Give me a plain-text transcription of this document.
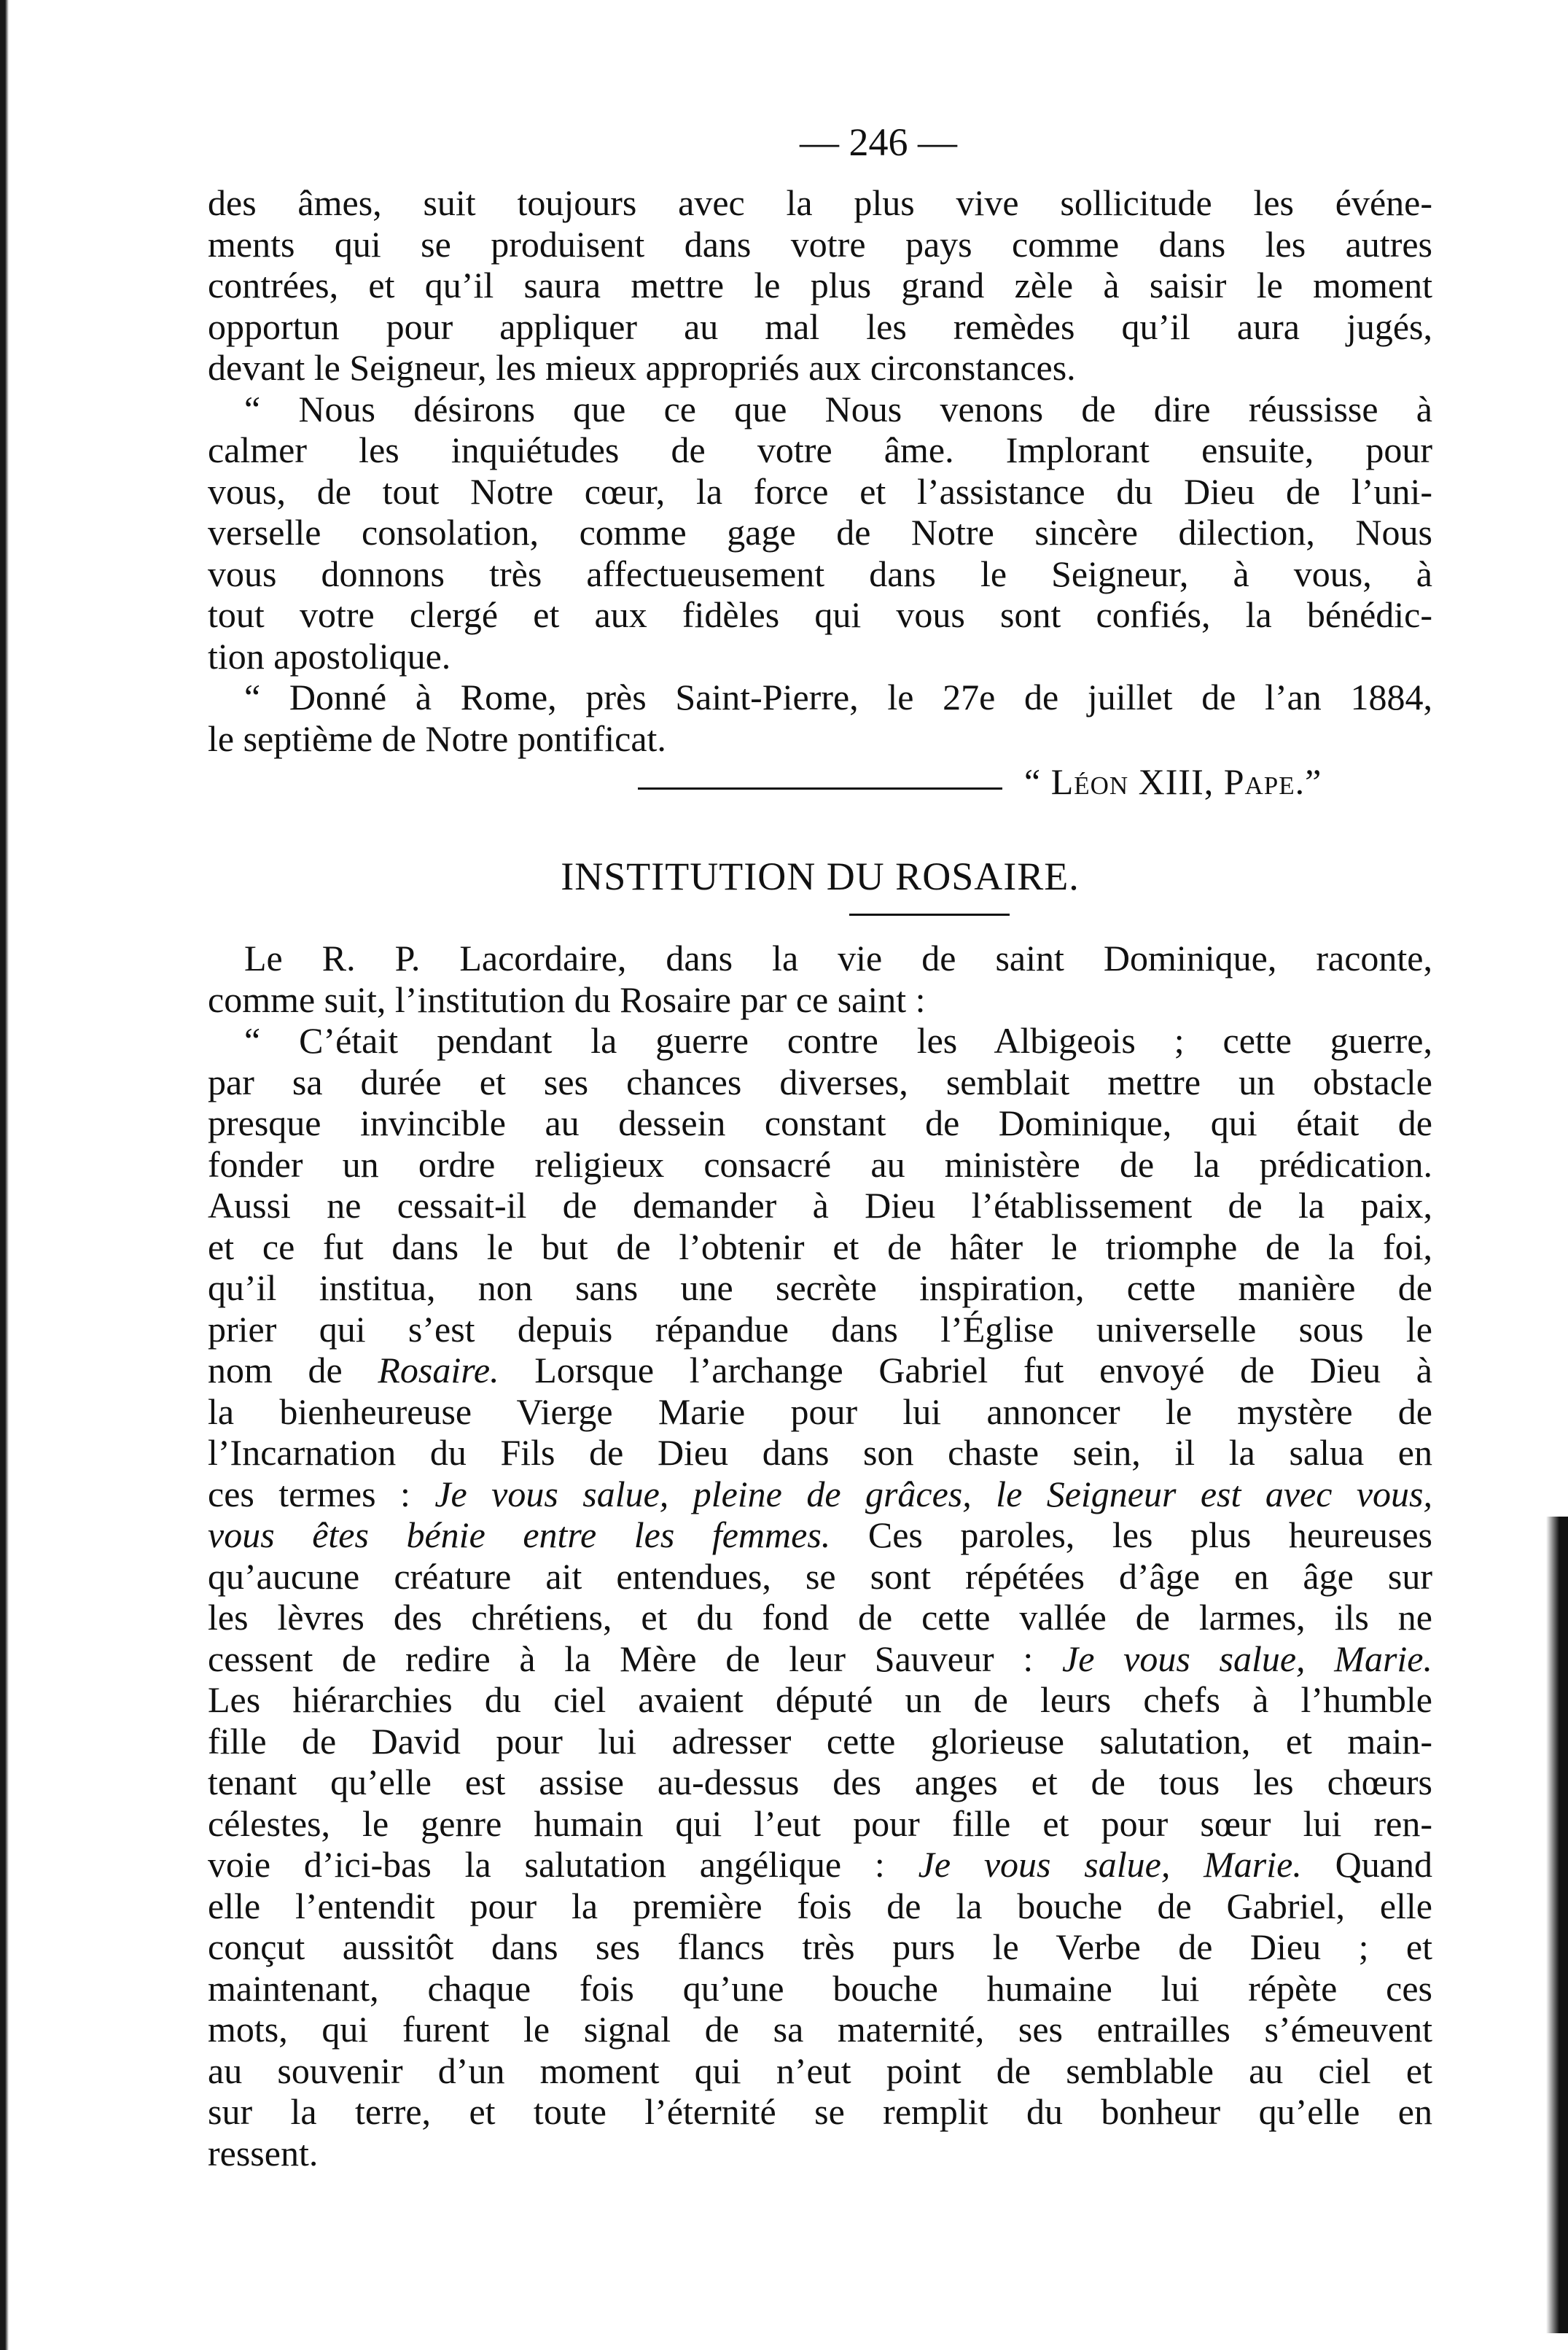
— 246 —

des âmes, suit toujours avec la plus vive sollicitude les événe-
ments qui se produisent dans votre pays comme dans les autres
contrées, et qu’il saura mettre le plus grand zèle à saisir le moment
opportun pour appliquer au mal les remèdes qu’il aura jugés,
devant le Seigneur, les mieux appropriés aux circonstances.

“ Nous désirons que ce que Nous venons de dire réussisse à
calmer les inquiétudes de votre âme. Implorant ensuite, pour
vous, de tout Notre cœur, la force et l’assistance du Dieu de l’uni-
verselle consolation, comme gage de Notre sincère dilection, Nous
vous donnons très affectueusement dans le Seigneur, à vous, à
tout votre clergé et aux fidèles qui vous sont confiés, la bénédic-
tion apostolique.

“ Donné à Rome, près Saint-Pierre, le 27e de juillet de l’an 1884,
le septième de Notre pontificat.

“ Léon XIII, Pape.”
INSTITUTION DU ROSAIRE.

Le R. P. Lacordaire, dans la vie de saint Dominique, raconte,
comme suit, l’institution du Rosaire par ce saint :

“ C’était pendant la guerre contre les Albigeois ; cette guerre,
par sa durée et ses chances diverses, semblait mettre un obstacle
presque invincible au dessein constant de Dominique, qui était de
fonder un ordre religieux consacré au ministère de la prédication.
Aussi ne cessait-il de demander à Dieu l’établissement de la paix,
et ce fut dans le but de l’obtenir et de hâter le triomphe de la foi,
qu’il institua, non sans une secrète inspiration, cette manière de
prier qui s’est depuis répandue dans l’Église universelle sous le
nom de Rosaire. Lorsque l’archange Gabriel fut envoyé de Dieu à
la bienheureuse Vierge Marie pour lui annoncer le mystère de
l’Incarnation du Fils de Dieu dans son chaste sein, il la salua en
ces termes : Je vous salue, pleine de grâces, le Seigneur est avec vous,
vous êtes bénie entre les femmes. Ces paroles, les plus heureuses
qu’aucune créature ait entendues, se sont répétées d’âge en âge sur
les lèvres des chrétiens, et du fond de cette vallée de larmes, ils ne
cessent de redire à la Mère de leur Sauveur : Je vous salue, Marie.
Les hiérarchies du ciel avaient député un de leurs chefs à l’humble
fille de David pour lui adresser cette glorieuse salutation, et main-
tenant qu’elle est assise au-dessus des anges et de tous les chœurs
célestes, le genre humain qui l’eut pour fille et pour sœur lui ren-
voie d’ici-bas la salutation angélique : Je vous salue, Marie. Quand
elle l’entendit pour la première fois de la bouche de Gabriel, elle
conçut aussitôt dans ses flancs très purs le Verbe de Dieu ; et
maintenant, chaque fois qu’une bouche humaine lui répète ces
mots, qui furent le signal de sa maternité, ses entrailles s’émeuvent
au souvenir d’un moment qui n’eut point de semblable au ciel et
sur la terre, et toute l’éternité se remplit du bonheur qu’elle en
ressent.
